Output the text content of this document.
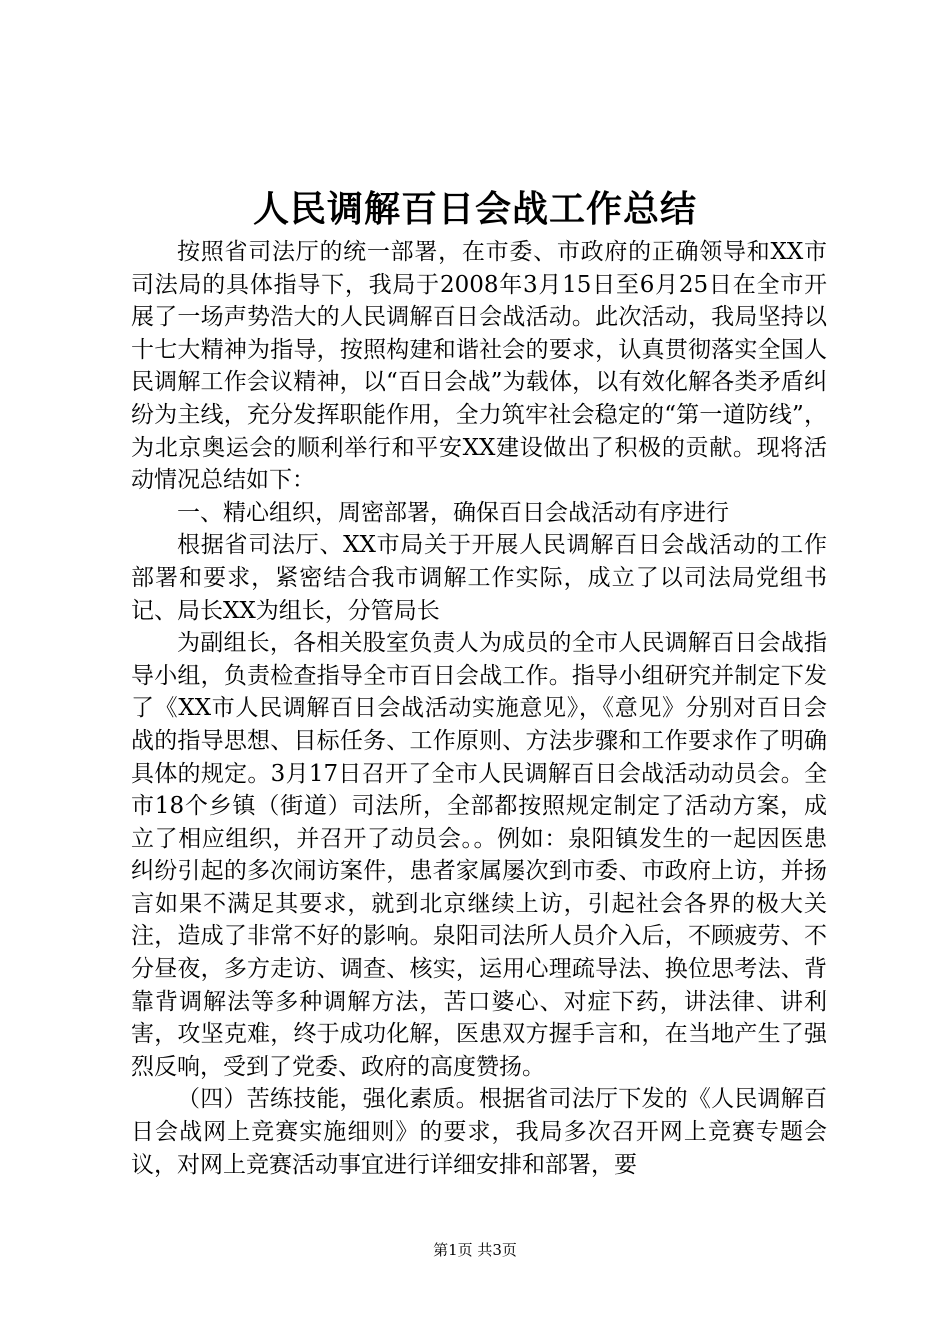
人民调解百日会战工作总结

按照省司法厅的统一部署，在市委、市政府的正确领导和XX市司法局的具体指导下，我局于2008年3月15日至6月25日在全市开展了一场声势浩大的人民调解百日会战活动。此次活动，我局坚持以十七大精神为指导，按照构建和谐社会的要求，认真贯彻落实全国人民调解工作会议精神，以“百日会战”为载体，以有效化解各类矛盾纠纷为主线，充分发挥职能作用，全力筑牢社会稳定的“第一道防线”，为北京奥运会的顺利举行和平安XX建设做出了积极的贡献。现将活动情况总结如下：

一、精心组织，周密部署，确保百日会战活动有序进行

根据省司法厅、XX市局关于开展人民调解百日会战活动的工作部署和要求，紧密结合我市调解工作实际，成立了以司法局党组书记、局长XX为组长，分管局长

为副组长，各相关股室负责人为成员的全市人民调解百日会战指导小组，负责检查指导全市百日会战工作。指导小组研究并制定下发了《XX市人民调解百日会战活动实施意见》，《意见》分别对百日会战的指导思想、目标任务、工作原则、方法步骤和工作要求作了明确具体的规定。3月17日召开了全市人民调解百日会战活动动员会。全市18个乡镇（街道）司法所，全部都按照规定制定了活动方案，成立了相应组织，并召开了动员会。。例如：泉阳镇发生的一起因医患纠纷引起的多次闹访案件，患者家属屡次到市委、市政府上访，并扬言如果不满足其要求，就到北京继续上访，引起社会各界的极大关注，造成了非常不好的影响。泉阳司法所人员介入后，不顾疲劳、不分昼夜，多方走访、调查、核实，运用心理疏导法、换位思考法、背靠背调解法等多种调解方法，苦口婆心、对症下药，讲法律、讲利害，攻坚克难，终于成功化解，医患双方握手言和，在当地产生了强烈反响，受到了党委、政府的高度赞扬。

（四）苦练技能，强化素质。根据省司法厅下发的《人民调解百日会战网上竞赛实施细则》的要求，我局多次召开网上竞赛专题会议，对网上竞赛活动事宜进行详细安排和部署，要

第1页 共3页
